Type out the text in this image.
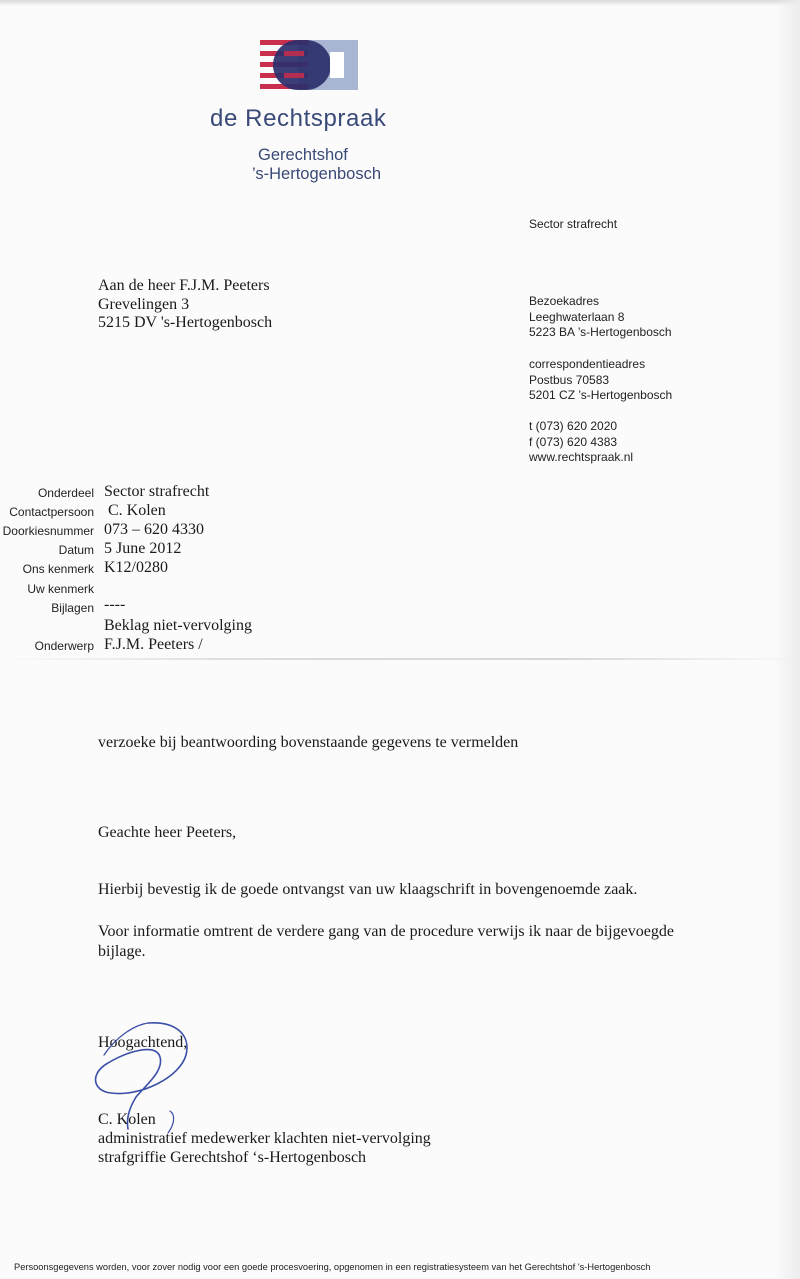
de Rechtspraak
Gerechtshof
’s-Hertogenbosch
Sector strafrecht
Bezoekadres
Leeghwaterlaan 8
5223 BA ’s-Hertogenbosch
correspondentieadres
Postbus 70583
5201 CZ ’s-Hertogenbosch
t (073) 620 2020
f (073) 620 4383
www.rechtspraak.nl
Aan de heer F.J.M. Peeters
Grevelingen 3
5215 DV 's-Hertogenbosch
Onderdeel Sector strafrecht
Contactpersoon C. Kolen
Doorkiesnummer 073 – 620 4330
Datum 5 June 2012
Ons kenmerk K12/0280
Uw kenmerk
Bijlagen ----
Beklag niet-vervolging
Onderwerp F.J.M. Peeters /
verzoeke bij beantwoording bovenstaande gegevens te vermelden
Geachte heer Peeters,
Hierbij bevestig ik de goede ontvangst van uw klaagschrift in bovengenoemde zaak.
Voor informatie omtrent de verdere gang van de procedure verwijs ik naar de bijgevoegde bijlage.
Hoogachtend,
C. Kolen
administratief medewerker klachten niet-vervolging
strafgriffie Gerechtshof ‘s-Hertogenbosch
Persoonsgegevens worden, voor zover nodig voor een goede procesvoering, opgenomen in een registratiesysteem van het Gerechtshof 's-Hertogenbosch
